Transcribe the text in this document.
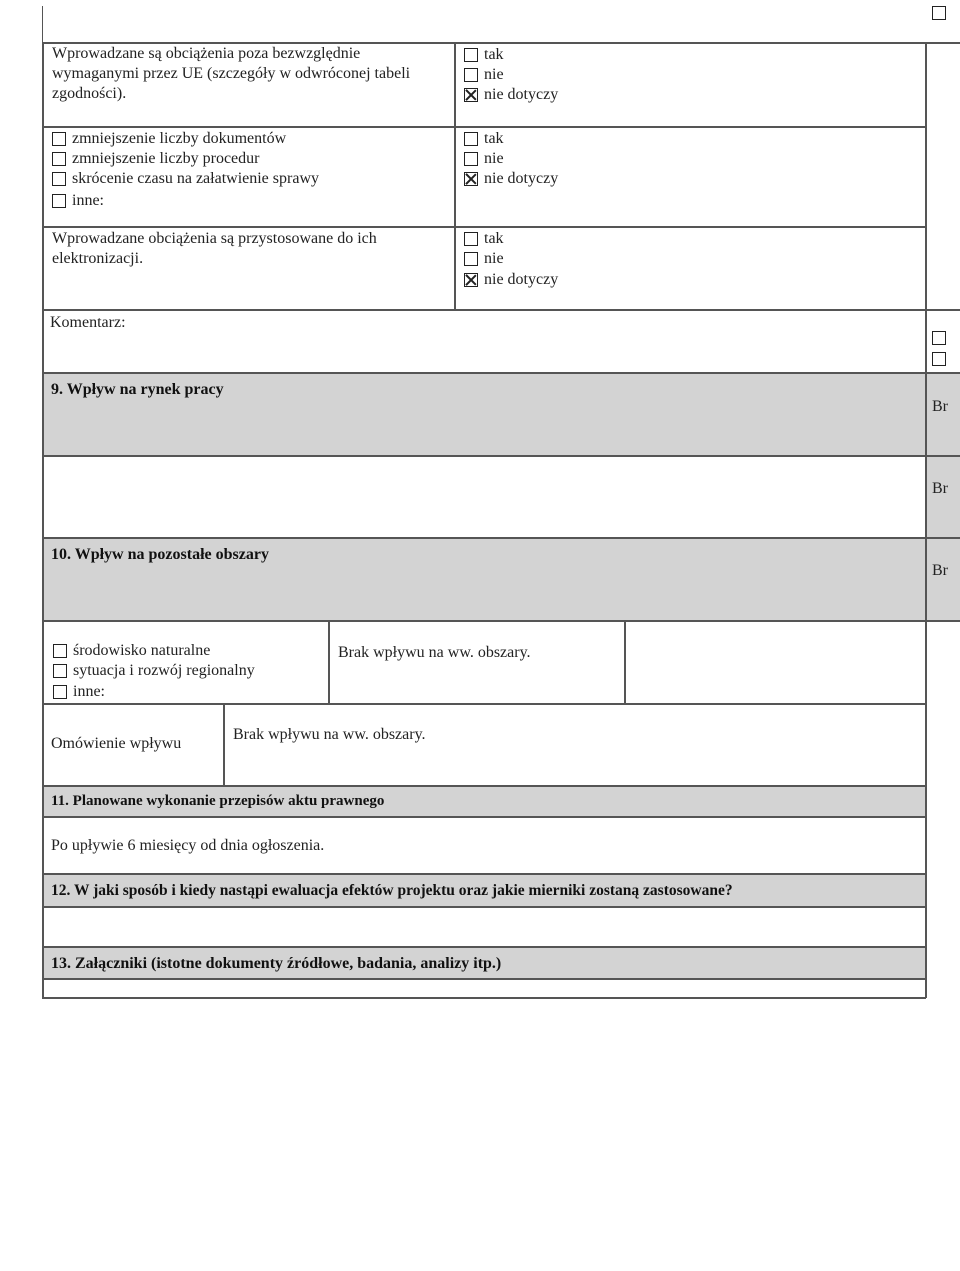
Wprowadzane są obciążenia poza bezwzględnie
wymaganymi przez UE (szczegóły w odwróconej tabeli
zgodności).
tak
nie
nie dotyczy
zmniejszenie liczby dokumentów
zmniejszenie liczby procedur
skrócenie czasu na załatwienie sprawy
inne:
tak
nie
nie dotyczy
Wprowadzane obciążenia są przystosowane do ich
elektronizacji.
tak
nie
nie dotyczy
Komentarz:
9. Wpływ na rynek pracy
10. Wpływ na pozostałe obszary
środowisko naturalne
sytuacja i rozwój regionalny
inne:
Brak wpływu na ww. obszary.
Omówienie wpływu
Brak wpływu na ww. obszary.
11. Planowane wykonanie przepisów aktu prawnego
Po upływie 6 miesięcy od dnia ogłoszenia.
12. W jaki sposób i kiedy nastąpi ewaluacja efektów projektu oraz jakie mierniki zostaną zastosowane?
13. Załączniki (istotne dokumenty źródłowe, badania, analizy itp.)
Br
Br
Br
